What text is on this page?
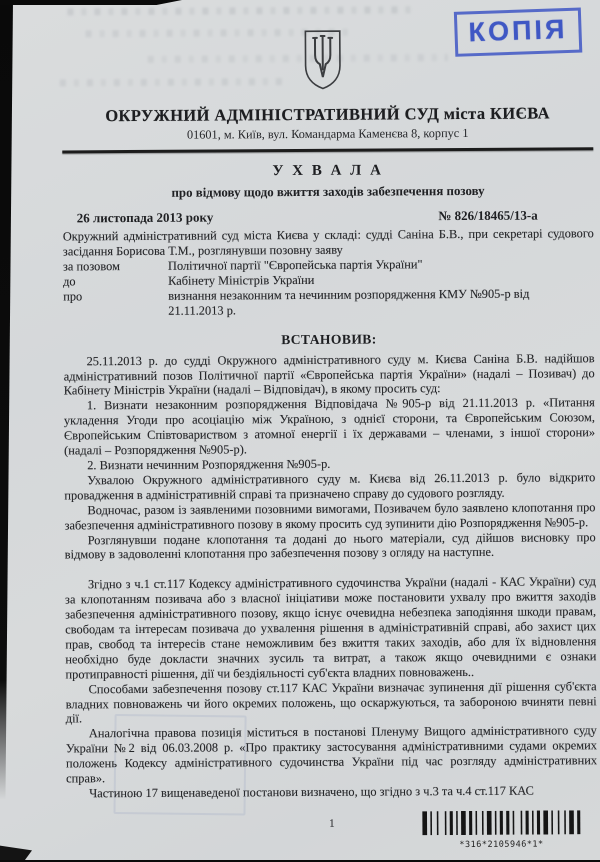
КОПІЯ
ОКРУЖНИЙ АДМІНІСТРАТИВНИЙ СУД міста КИЄВА
01601, м. Київ, вул. Командарма Каменєва 8, корпус 1
У Х В А Л А
про відмову щодо вжиття заходів забезпечення позову
26 листопада 2013 року	№ 826/18465/13-а
Окружний адміністративний суд міста Києва у складі: судді Саніна Б.В., при секретарі судового засідання Борисова Т.М., розглянувши позовну заяву
за позовом	Політичної партії "Європейська партія України"
до	Кабінету Міністрів України
про	визнання незаконним та нечинним розпорядження КМУ №905-р від 21.11.2013 р.
ВСТАНОВИВ:

25.11.2013 р. до судді Окружного адміністративного суду м. Києва Саніна Б.В. надійшов адміністративний позов Політичної партії «Європейська партія України» (надалі – Позивач) до Кабінету Міністрів України (надалі – Відповідач), в якому просить суд:

1. Визнати незаконним розпорядження Відповідача №905-р від 21.11.2013 р. «Питання укладення Угоди про асоціацію між Україною, з однієї сторони, та Європейським Союзом, Європейським Співтовариством з атомної енергії і їх державами – членами, з іншої сторони» (надалі – Розпорядження №905-р).

2. Визнати нечинним Розпорядження №905-р.

Ухвалою Окружного адміністративного суду м. Києва від 26.11.2013 р. було відкрито провадження в адміністративній справі та призначено справу до судового розгляду.

Водночас, разом із заявленими позовними вимогами, Позивачем було заявлено клопотання про забезпечення адміністративного позову в якому просить суд зупинити дію Розпорядження №905-р.

Розглянувши подане клопотання та додані до нього матеріали, суд дійшов висновку про відмову в задоволенні клопотання про забезпечення позову з огляду на наступне.

Згідно з ч.1 ст.117 Кодексу адміністративного судочинства України (надалі - КАС України) суд за клопотанням позивача або з власної ініціативи може постановити ухвалу про вжиття заходів забезпечення адміністративного позову, якщо існує очевидна небезпека заподіяння шкоди правам, свободам та інтересам позивача до ухвалення рішення в адміністративній справі, або захист цих прав, свобод та інтересів стане неможливим без вжиття таких заходів, або для їх відновлення необхідно буде докласти значних зусиль та витрат, а також якщо очевидними є ознаки протиправності рішення, дії чи бездіяльності суб'єкта владних повноважень..

Способами забезпечення позову ст.117 КАС України визначає зупинення дії рішення суб'єкта владних повноважень чи його окремих положень, що оскаржуються, та забороною вчиняти певні дії.

Аналогічна правова позиція міститься в постанові Пленуму Вищого адміністративного суду України №2 від 06.03.2008 р. «Про практику застосування адміністративними судами окремих положень Кодексу адміністративного судочинства України під час розгляду адміністративних справ».

Частиною 17 вищенаведеної постанови визначено, що згідно з ч.3 та ч.4 ст.117 КАС

1
*316*2105946*1*
